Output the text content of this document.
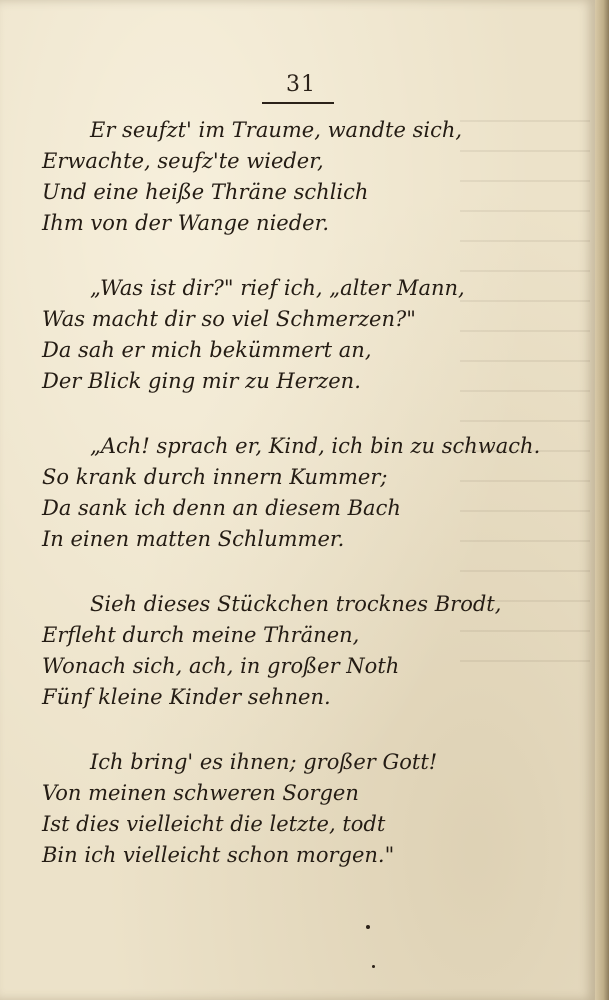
31
Er seufzt' im Traume, wandte sich,
Erwachte, seufz'te wieder,
Und eine heiße Thräne schlich
Ihm von der Wange nieder.
„Was ist dir?" rief ich, „alter Mann,
Was macht dir so viel Schmerzen?"
Da sah er mich bekümmert an,
Der Blick ging mir zu Herzen.
„Ach! sprach er, Kind, ich bin zu schwach.
So krank durch innern Kummer;
Da sank ich denn an diesem Bach
In einen matten Schlummer.
Sieh dieses Stückchen trocknes Brodt,
Erfleht durch meine Thränen,
Wonach sich, ach, in großer Noth
Fünf kleine Kinder sehnen.
Ich bring' es ihnen; großer Gott!
Von meinen schweren Sorgen
Ist dies vielleicht die letzte, todt
Bin ich vielleicht schon morgen."
